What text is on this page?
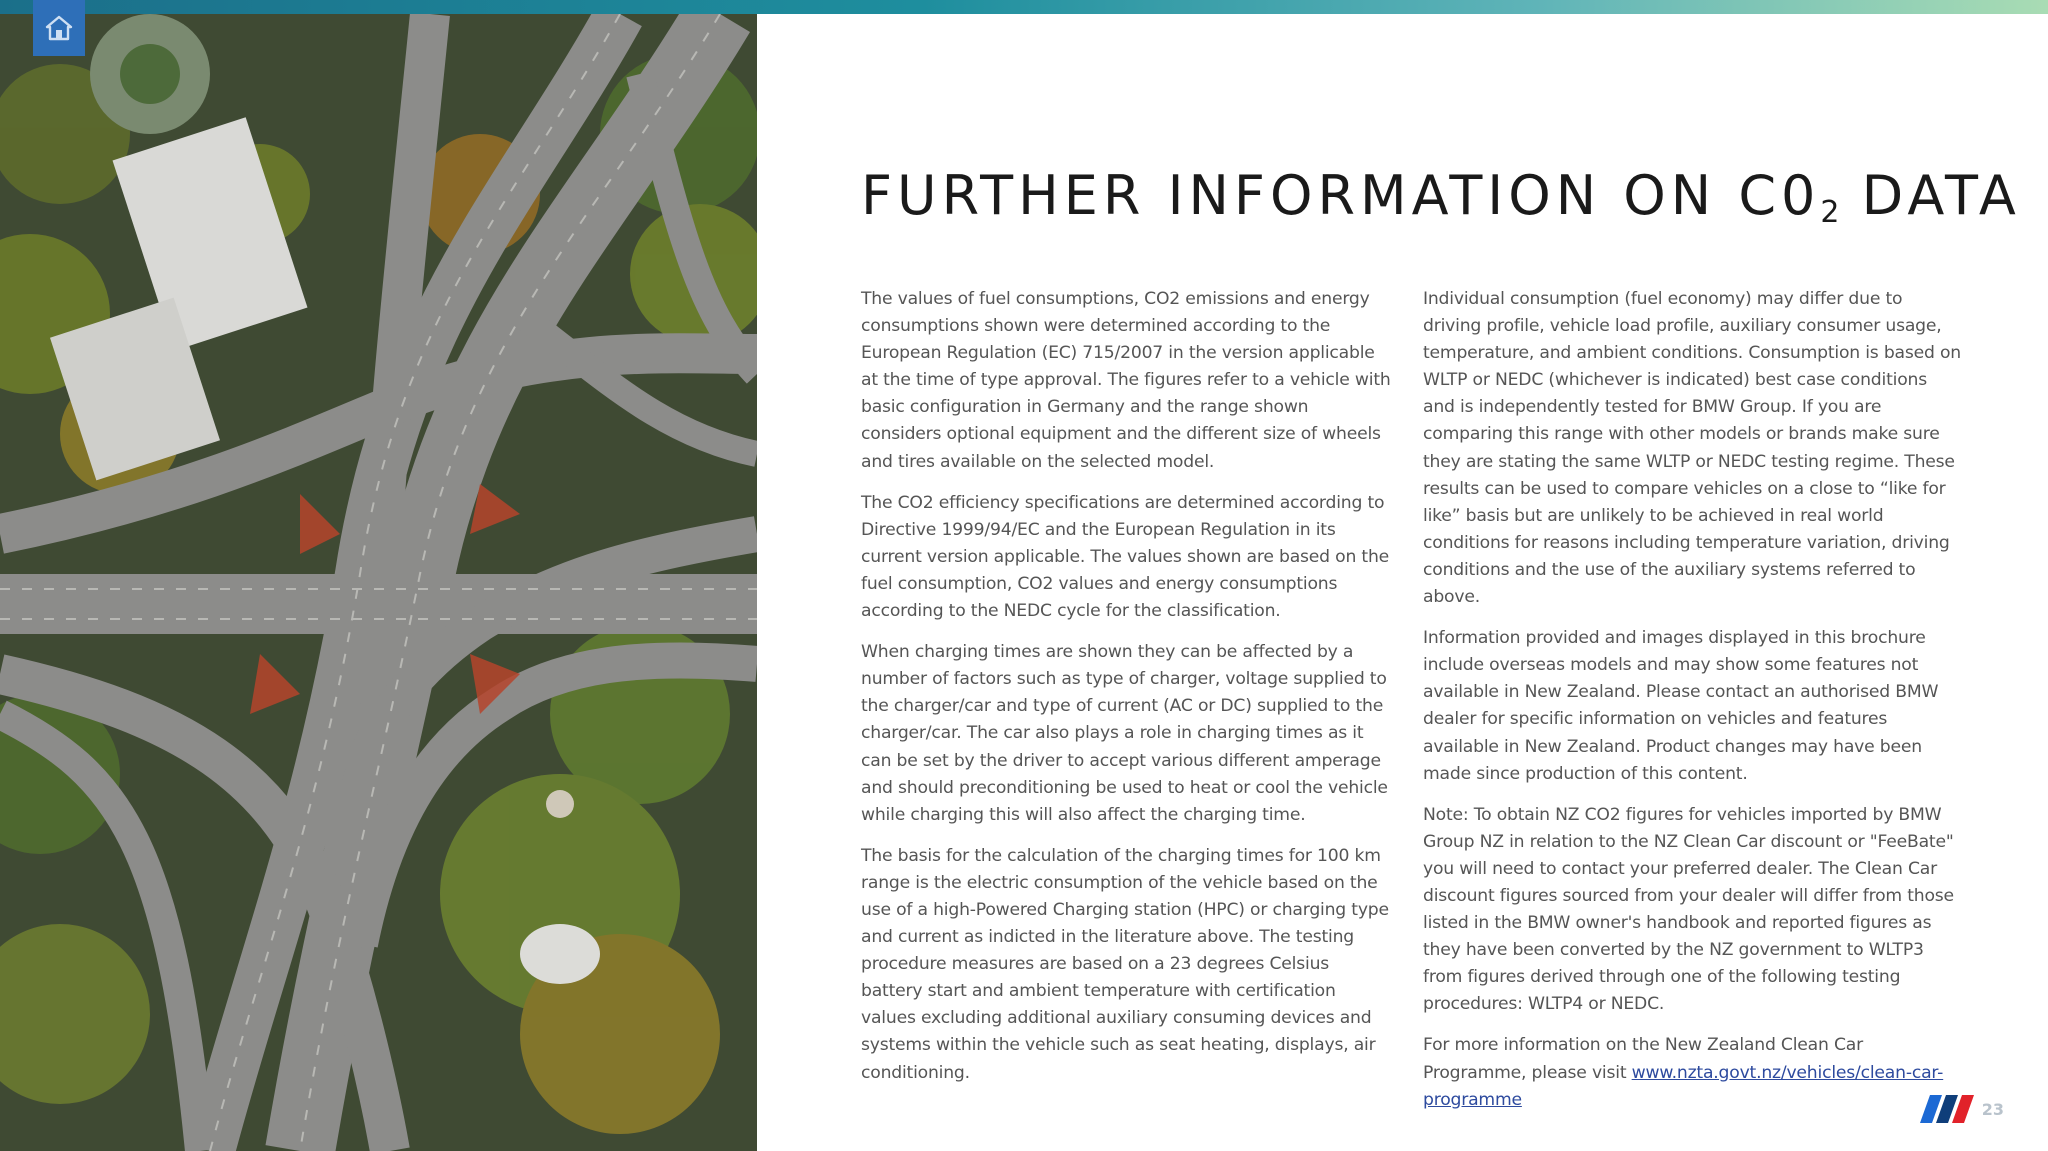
FURTHER INFORMATION ON $C0_2$ DATA

The values of fuel consumptions, CO2 emissions and energy consumptions shown were determined according to the European Regulation (EC) 715/2007 in the version applicable at the time of type approval. The figures refer to a vehicle with basic configuration in Germany and the range shown considers optional equipment and the different size of wheels and tires available on the selected model.

The CO2 efficiency specifications are determined according to Directive 1999/94/EC and the European Regulation in its current version applicable. The values shown are based on the fuel consumption, CO2 values and energy consumptions according to the NEDC cycle for the classification.

When charging times are shown they can be affected by a number of factors such as type of charger, voltage supplied to the charger/car and type of current (AC or DC) supplied to the charger/car. The car also plays a role in charging times as it can be set by the driver to accept various different amperage and should preconditioning be used to heat or cool the vehicle while charging this will also affect the charging time.

The basis for the calculation of the charging times for 100 km range is the electric consumption of the vehicle based on the use of a high-Powered Charging station (HPC) or charging type and current as indicted in the literature above. The testing procedure measures are based on a 23 degrees Celsius battery start and ambient temperature with certification values excluding additional auxiliary consuming devices and systems within the vehicle such as seat heating, displays, air conditioning.

Individual consumption (fuel economy) may differ due to driving profile, vehicle load profile, auxiliary consumer usage, temperature, and ambient conditions. Consumption is based on WLTP or NEDC (whichever is indicated) best case conditions and is independently tested for BMW Group. If you are comparing this range with other models or brands make sure they are stating the same WLTP or NEDC testing regime. These results can be used to compare vehicles on a close to “like for like” basis but are unlikely to be achieved in real world conditions for reasons including temperature variation, driving conditions and the use of the auxiliary systems referred to above.

Information provided and images displayed in this brochure include overseas models and may show some features not available in New Zealand. Please contact an authorised BMW dealer for specific information on vehicles and features available in New Zealand. Product changes may have been made since production of this content.

Note: To obtain NZ CO2 figures for vehicles imported by BMW Group NZ in relation to the NZ Clean Car discount or "FeeBate" you will need to contact your preferred dealer. The Clean Car discount figures sourced from your dealer will differ from those listed in the BMW owner's handbook and reported figures as they have been converted by the NZ government to WLTP3 from figures derived through one of the following testing procedures: WLTP4 or NEDC.

For more information on the New Zealand Clean Car Programme, please visit www.nzta.govt.nz/vehicles/clean-car-programme	23
